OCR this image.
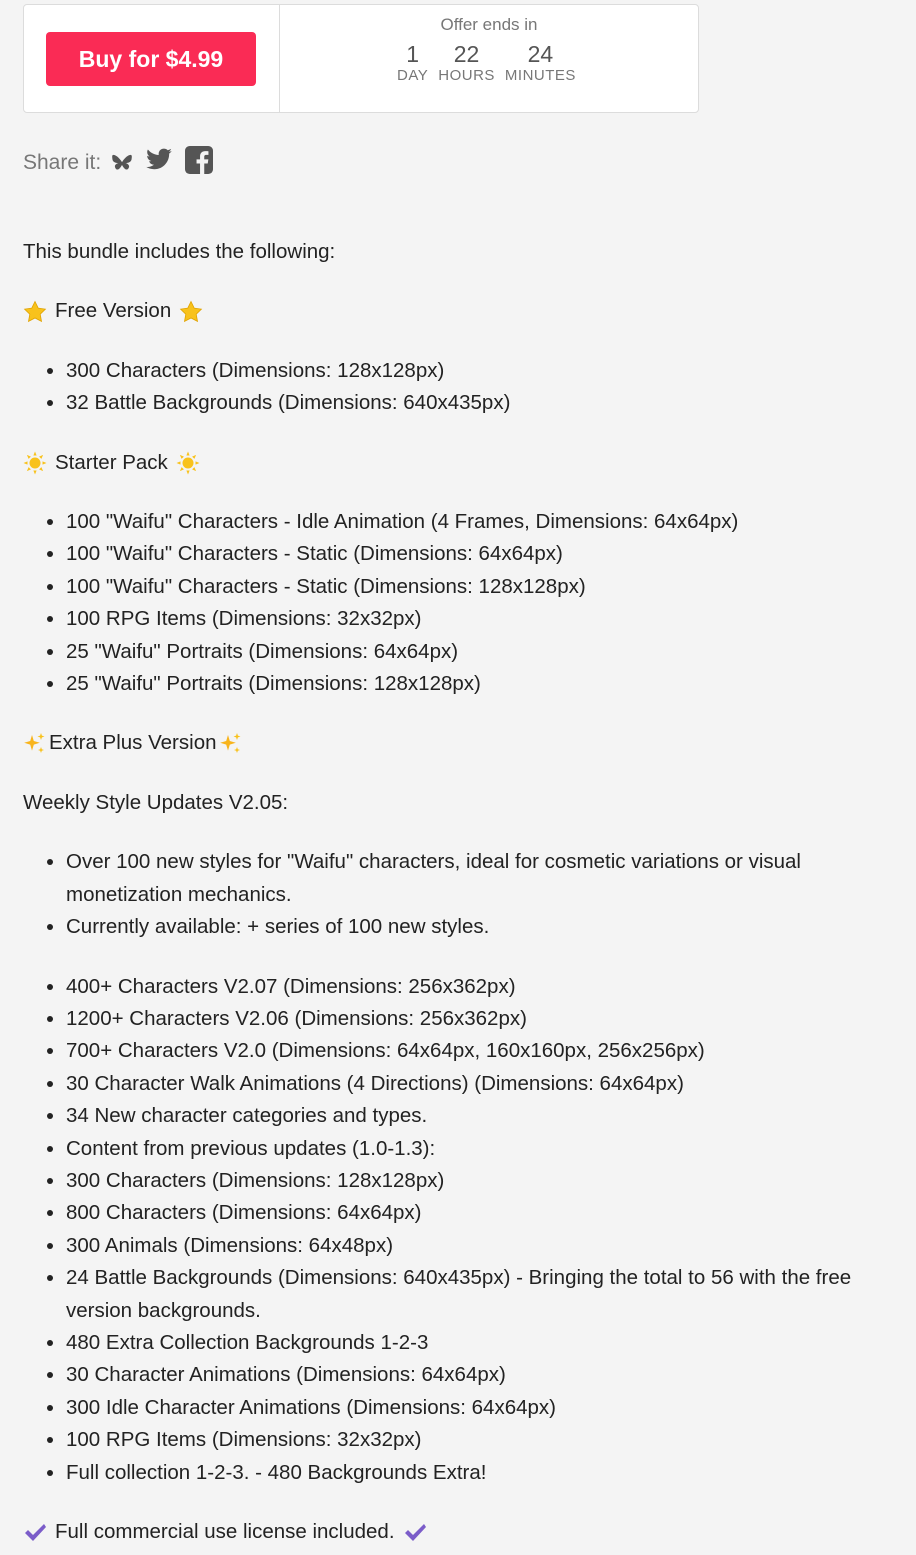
Buy for $4.99
Offer ends in
1
DAY
22
HOURS
24
MINUTES
Share it:

This bundle includes the following:

Free Version
• 300 Characters (Dimensions: 128x128px)
• 32 Battle Backgrounds (Dimensions: 640x435px)
Starter Pack
• 100 "Waifu" Characters - Idle Animation (4 Frames, Dimensions: 64x64px)
• 100 "Waifu" Characters - Static (Dimensions: 64x64px)
• 100 "Waifu" Characters - Static (Dimensions: 128x128px)
• 100 RPG Items (Dimensions: 32x32px)
• 25 "Waifu" Portraits (Dimensions: 64x64px)
• 25 "Waifu" Portraits (Dimensions: 128x128px)
Extra Plus Version

Weekly Style Updates V2.05:

• Over 100 new styles for "Waifu" characters, ideal for cosmetic variations or visual monetization mechanics.
• Currently available: + series of 100 new styles.
• 400+ Characters V2.07 (Dimensions: 256x362px)
• 1200+ Characters V2.06 (Dimensions: 256x362px)
• 700+ Characters V2.0 (Dimensions: 64x64px, 160x160px, 256x256px)
• 30 Character Walk Animations (4 Directions) (Dimensions: 64x64px)
• 34 New character categories and types.
• Content from previous updates (1.0-1.3):
• 300 Characters (Dimensions: 128x128px)
• 800 Characters (Dimensions: 64x64px)
• 300 Animals (Dimensions: 64x48px)
• 24 Battle Backgrounds (Dimensions: 640x435px) - Bringing the total to 56 with the free version backgrounds.
• 480 Extra Collection Backgrounds 1-2-3
• 30 Character Animations (Dimensions: 64x64px)
• 300 Idle Character Animations (Dimensions: 64x64px)
• 100 RPG Items (Dimensions: 32x32px)
• Full collection 1-2-3. - 480 Backgrounds Extra!
Full commercial use license included.
